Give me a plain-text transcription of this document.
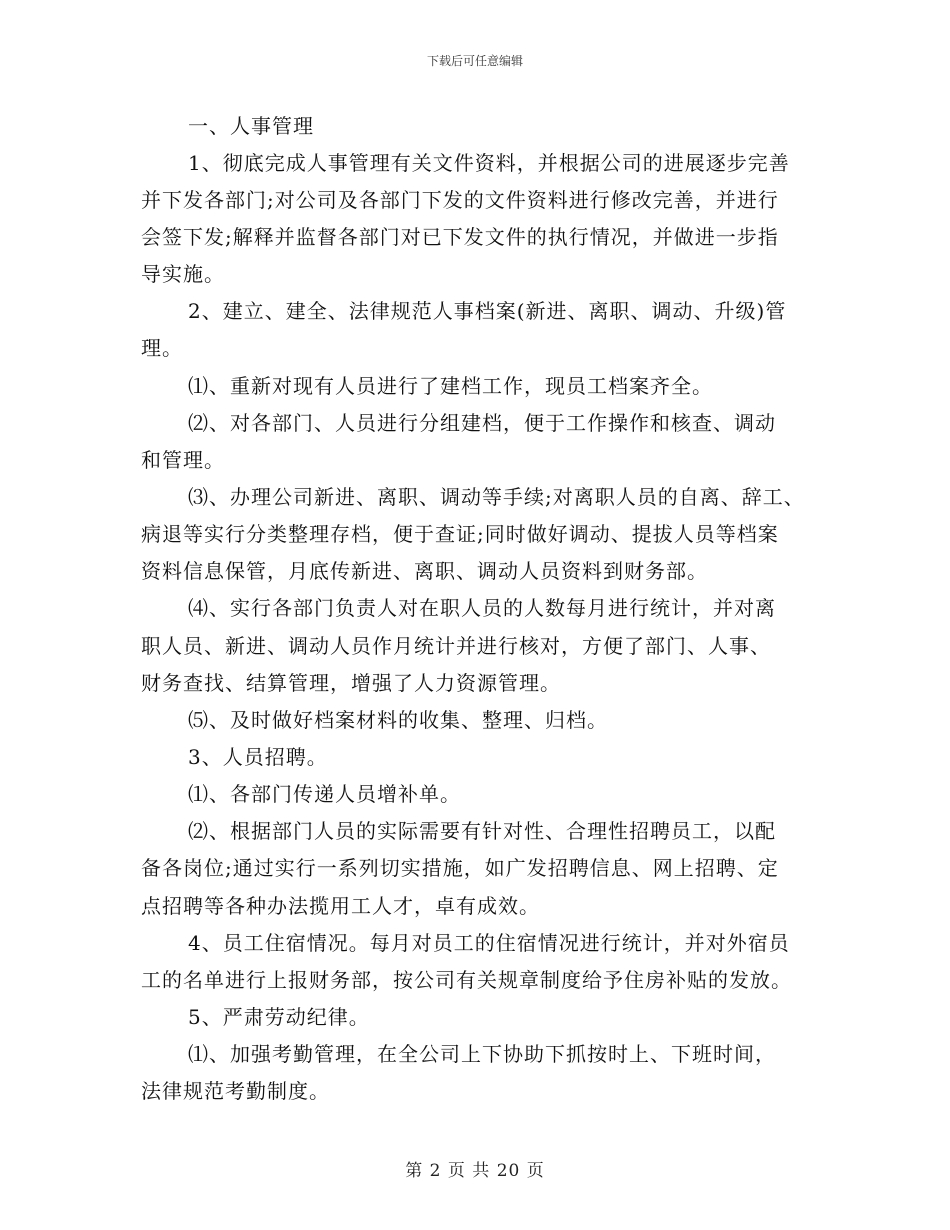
下载后可任意编辑
一、人事管理
1、彻底完成人事管理有关文件资料，并根据公司的进展逐步完善
并下发各部门;对公司及各部门下发的文件资料进行修改完善，并进行
会签下发;解释并监督各部门对已下发文件的执行情况，并做进一步指
导实施。
2、建立、建全、法律规范人事档案(新进、离职、调动、升级)管
理。
⑴、重新对现有人员进行了建档工作，现员工档案齐全。
⑵、对各部门、人员进行分组建档，便于工作操作和核查、调动
和管理。
⑶、办理公司新进、离职、调动等手续;对离职人员的自离、辞工、
病退等实行分类整理存档，便于查证;同时做好调动、提拔人员等档案
资料信息保管，月底传新进、离职、调动人员资料到财务部。
⑷、实行各部门负责人对在职人员的人数每月进行统计，并对离
职人员、新进、调动人员作月统计并进行核对，方便了部门、人事、
财务查找、结算管理，增强了人力资源管理。
⑸、及时做好档案材料的收集、整理、归档。
3、人员招聘。
⑴、各部门传递人员增补单。
⑵、根据部门人员的实际需要有针对性、合理性招聘员工，以配
备各岗位;通过实行一系列切实措施，如广发招聘信息、网上招聘、定
点招聘等各种办法揽用工人才，卓有成效。
4、员工住宿情况。每月对员工的住宿情况进行统计，并对外宿员
工的名单进行上报财务部，按公司有关规章制度给予住房补贴的发放。
5、严肃劳动纪律。
⑴、加强考勤管理，在全公司上下协助下抓按时上、下班时间，
法律规范考勤制度。
第 2 页 共 20 页
